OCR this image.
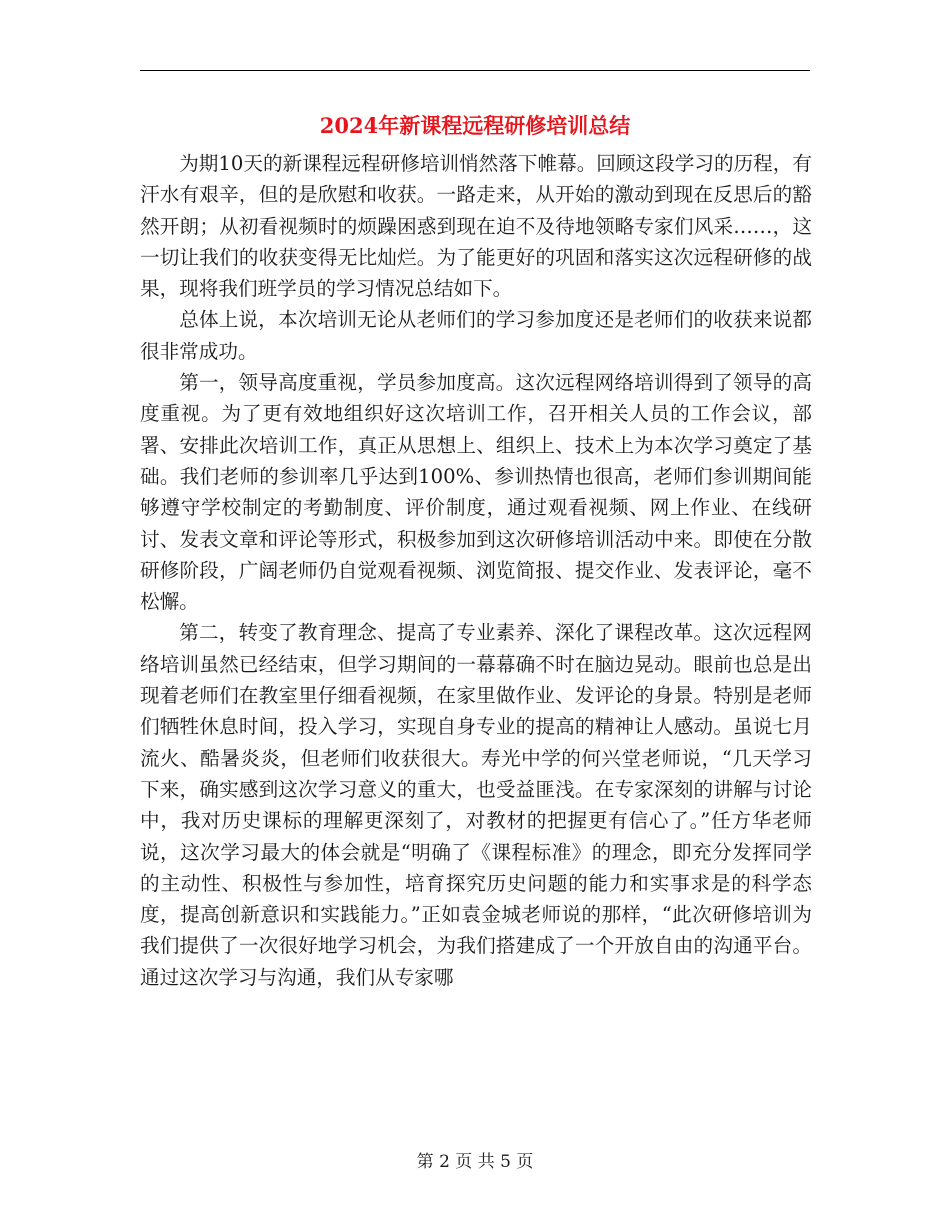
2024年新课程远程研修培训总结

为期10天的新课程远程研修培训悄然落下帷幕。回顾这段学习的历程，有汗水有艰辛，但的是欣慰和收获。一路走来，从开始的激动到现在反思后的豁然开朗；从初看视频时的烦躁困惑到现在迫不及待地领略专家们风采……，这一切让我们的收获变得无比灿烂。为了能更好的巩固和落实这次远程研修的战果，现将我们班学员的学习情况总结如下。

总体上说，本次培训无论从老师们的学习参加度还是老师们的收获来说都很非常成功。

第一，领导高度重视，学员参加度高。这次远程网络培训得到了领导的高度重视。为了更有效地组织好这次培训工作，召开相关人员的工作会议，部署、安排此次培训工作，真正从思想上、组织上、技术上为本次学习奠定了基础。我们老师的参训率几乎达到100%、参训热情也很高，老师们参训期间能够遵守学校制定的考勤制度、评价制度，通过观看视频、网上作业、在线研讨、发表文章和评论等形式，积极参加到这次研修培训活动中来。即使在分散研修阶段，广阔老师仍自觉观看视频、浏览简报、提交作业、发表评论，毫不松懈。

第二，转变了教育理念、提高了专业素养、深化了课程改革。这次远程网络培训虽然已经结束，但学习期间的一幕幕确不时在脑边晃动。眼前也总是出现着老师们在教室里仔细看视频，在家里做作业、发评论的身景。特别是老师们牺牲休息时间，投入学习，实现自身专业的提高的精神让人感动。虽说七月流火、酷暑炎炎，但老师们收获很大。寿光中学的何兴堂老师说，“几天学习下来，确实感到这次学习意义的重大，也受益匪浅。在专家深刻的讲解与讨论中，我对历史课标的理解更深刻了，对教材的把握更有信心了。”任方华老师说，这次学习最大的体会就是“明确了《课程标准》的理念，即充分发挥同学的主动性、积极性与参加性，培育探究历史问题的能力和实事求是的科学态度，提高创新意识和实践能力。”正如袁金城老师说的那样，“此次研修培训为我们提供了一次很好地学习机会，为我们搭建成了一个开放自由的沟通平台。通过这次学习与沟通，我们从专家哪

第 2 页 共 5 页
